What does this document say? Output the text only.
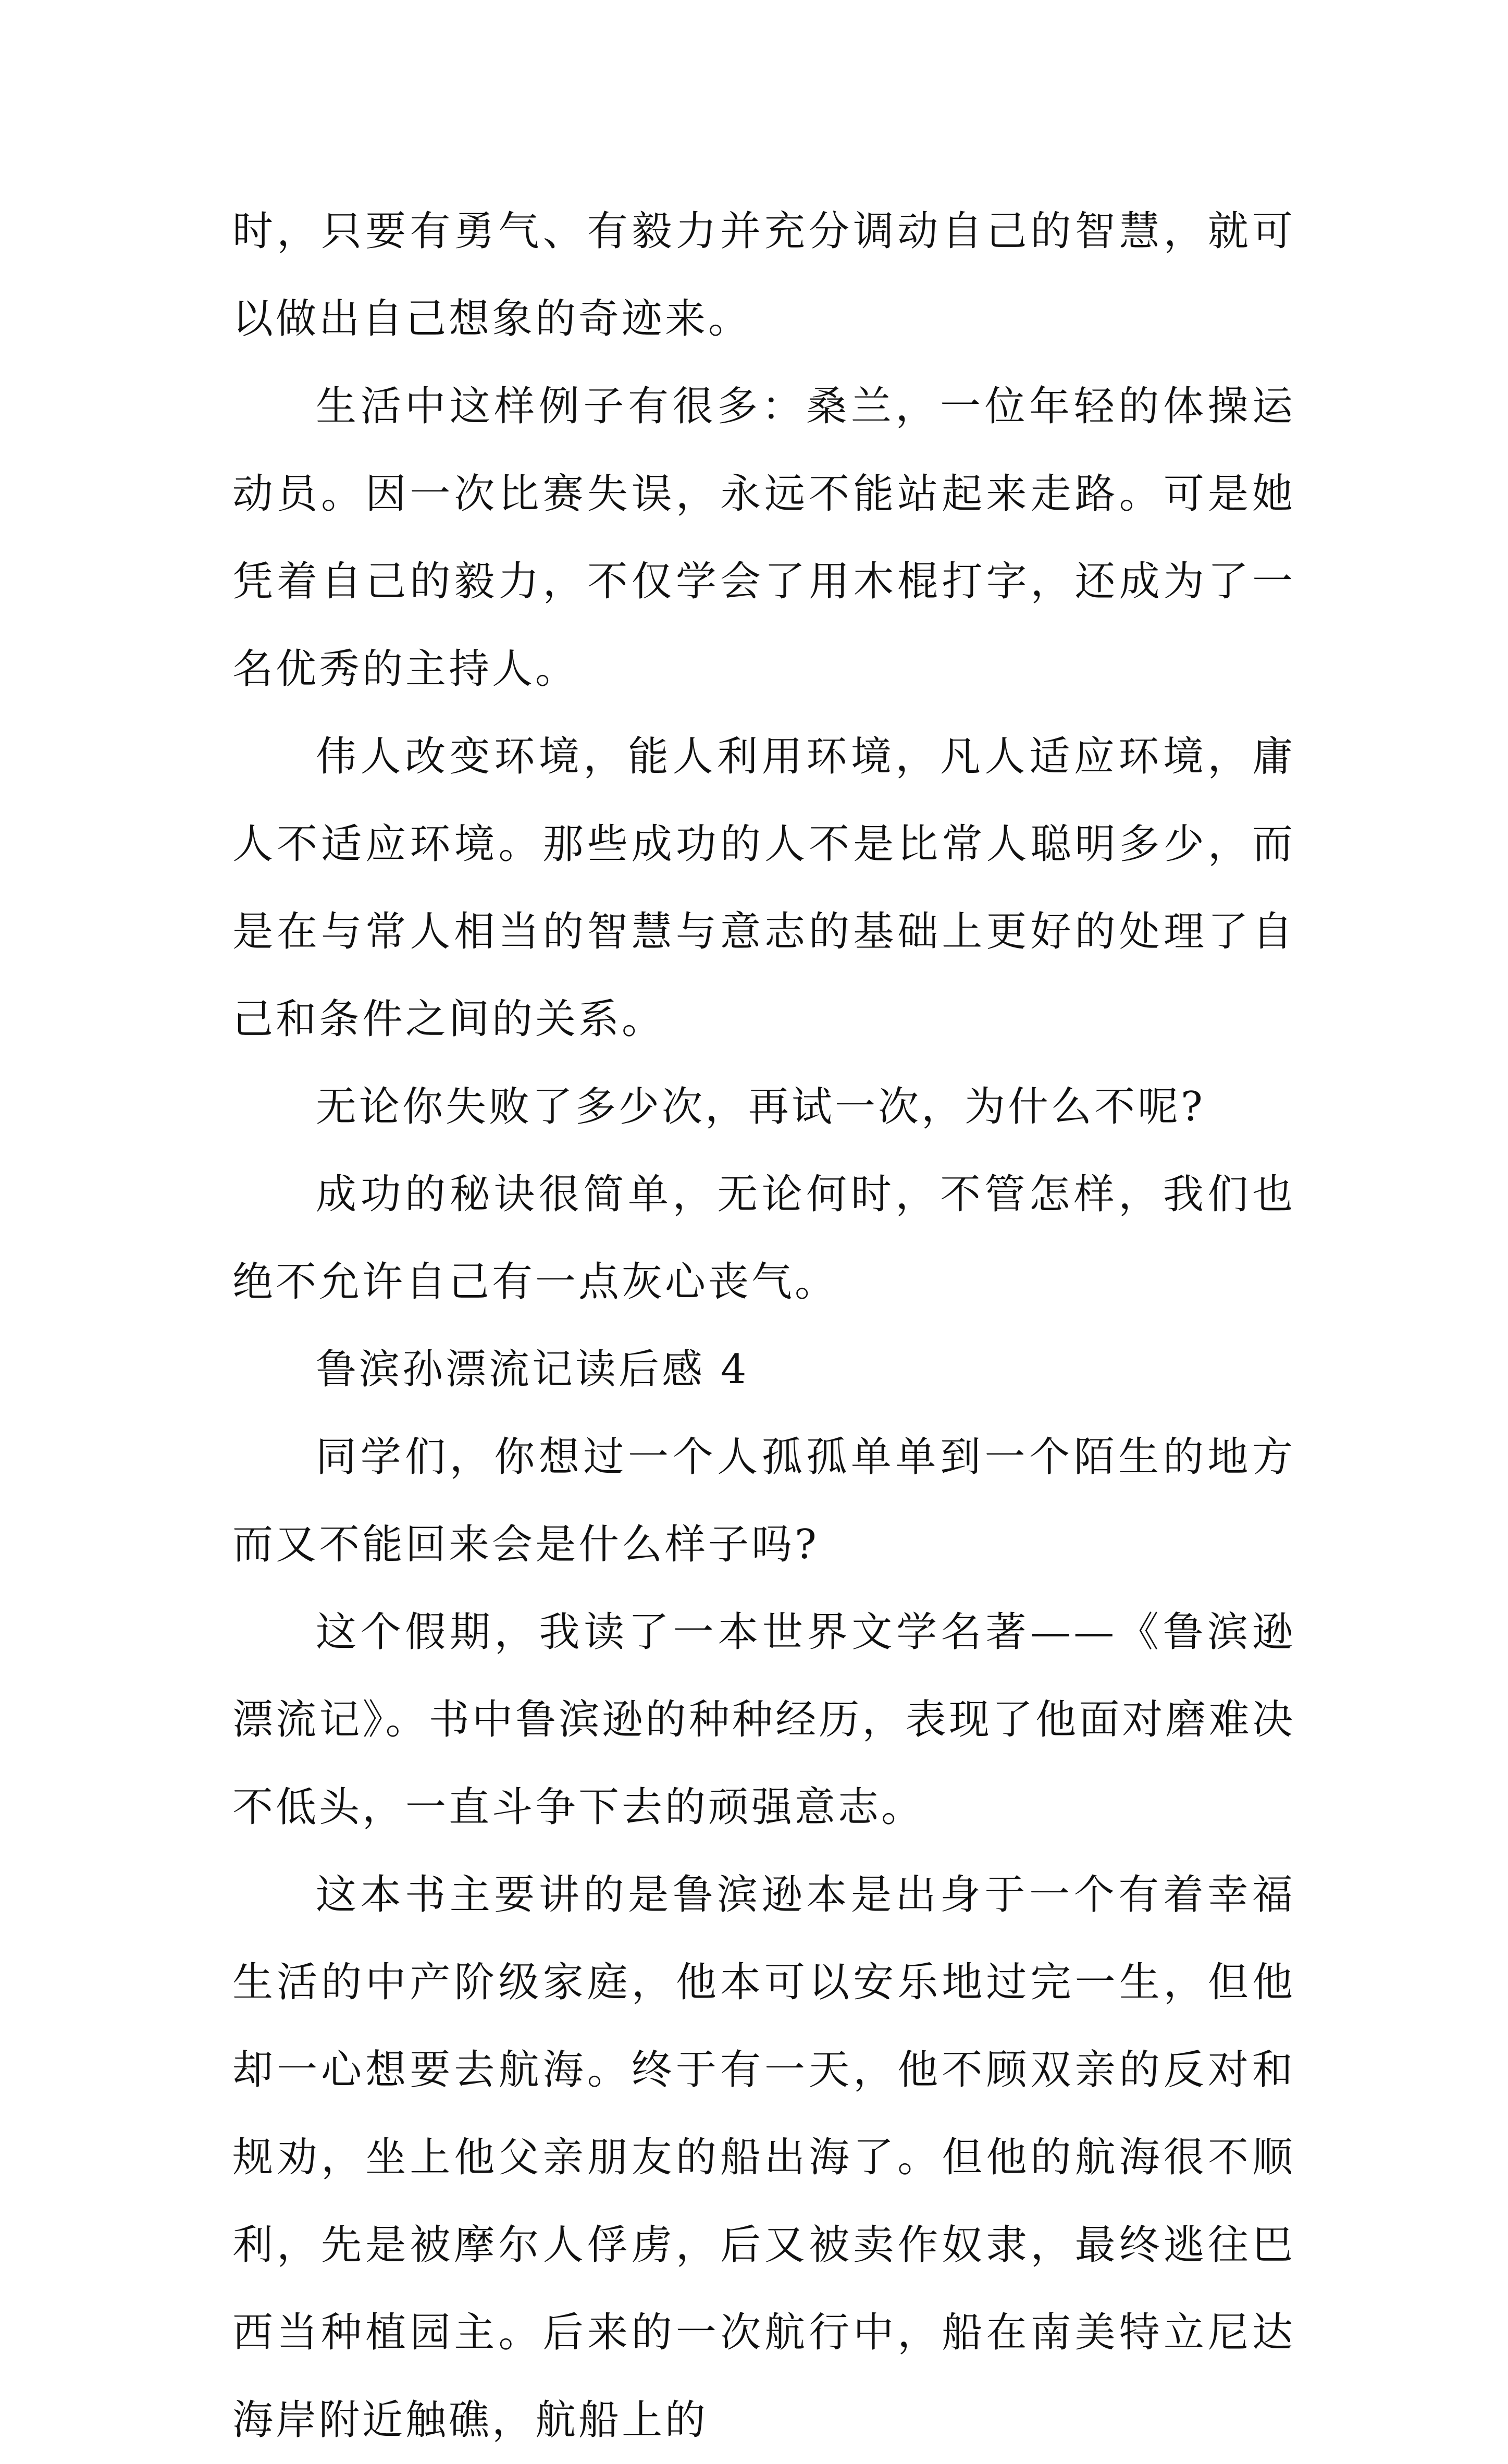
时，只要有勇气、有毅力并充分调动自己的智慧，就可以做出自己想象的奇迹来。

生活中这样例子有很多：桑兰，一位年轻的体操运动员。因一次比赛失误，永远不能站起来走路。可是她凭着自己的毅力，不仅学会了用木棍打字，还成为了一名优秀的主持人。

伟人改变环境，能人利用环境，凡人适应环境，庸人不适应环境。那些成功的人不是比常人聪明多少，而是在与常人相当的智慧与意志的基础上更好的处理了自己和条件之间的关系。

无论你失败了多少次，再试一次，为什么不呢?

成功的秘诀很简单，无论何时，不管怎样，我们也绝不允许自己有一点灰心丧气。

鲁滨孙漂流记读后感 4

同学们，你想过一个人孤孤单单到一个陌生的地方而又不能回来会是什么样子吗?

这个假期，我读了一本世界文学名著——《鲁滨逊漂流记》。书中鲁滨逊的种种经历，表现了他面对磨难决不低头，一直斗争下去的顽强意志。

这本书主要讲的是鲁滨逊本是出身于一个有着幸福生活的中产阶级家庭，他本可以安乐地过完一生，但他却一心想要去航海。终于有一天，他不顾双亲的反对和规劝，坐上他父亲朋友的船出海了。但他的航海很不顺利，先是被摩尔人俘虏，后又被卖作奴隶，最终逃往巴西当种植园主。后来的一次航行中，船在南美特立尼达海岸附近触礁，航船上的
